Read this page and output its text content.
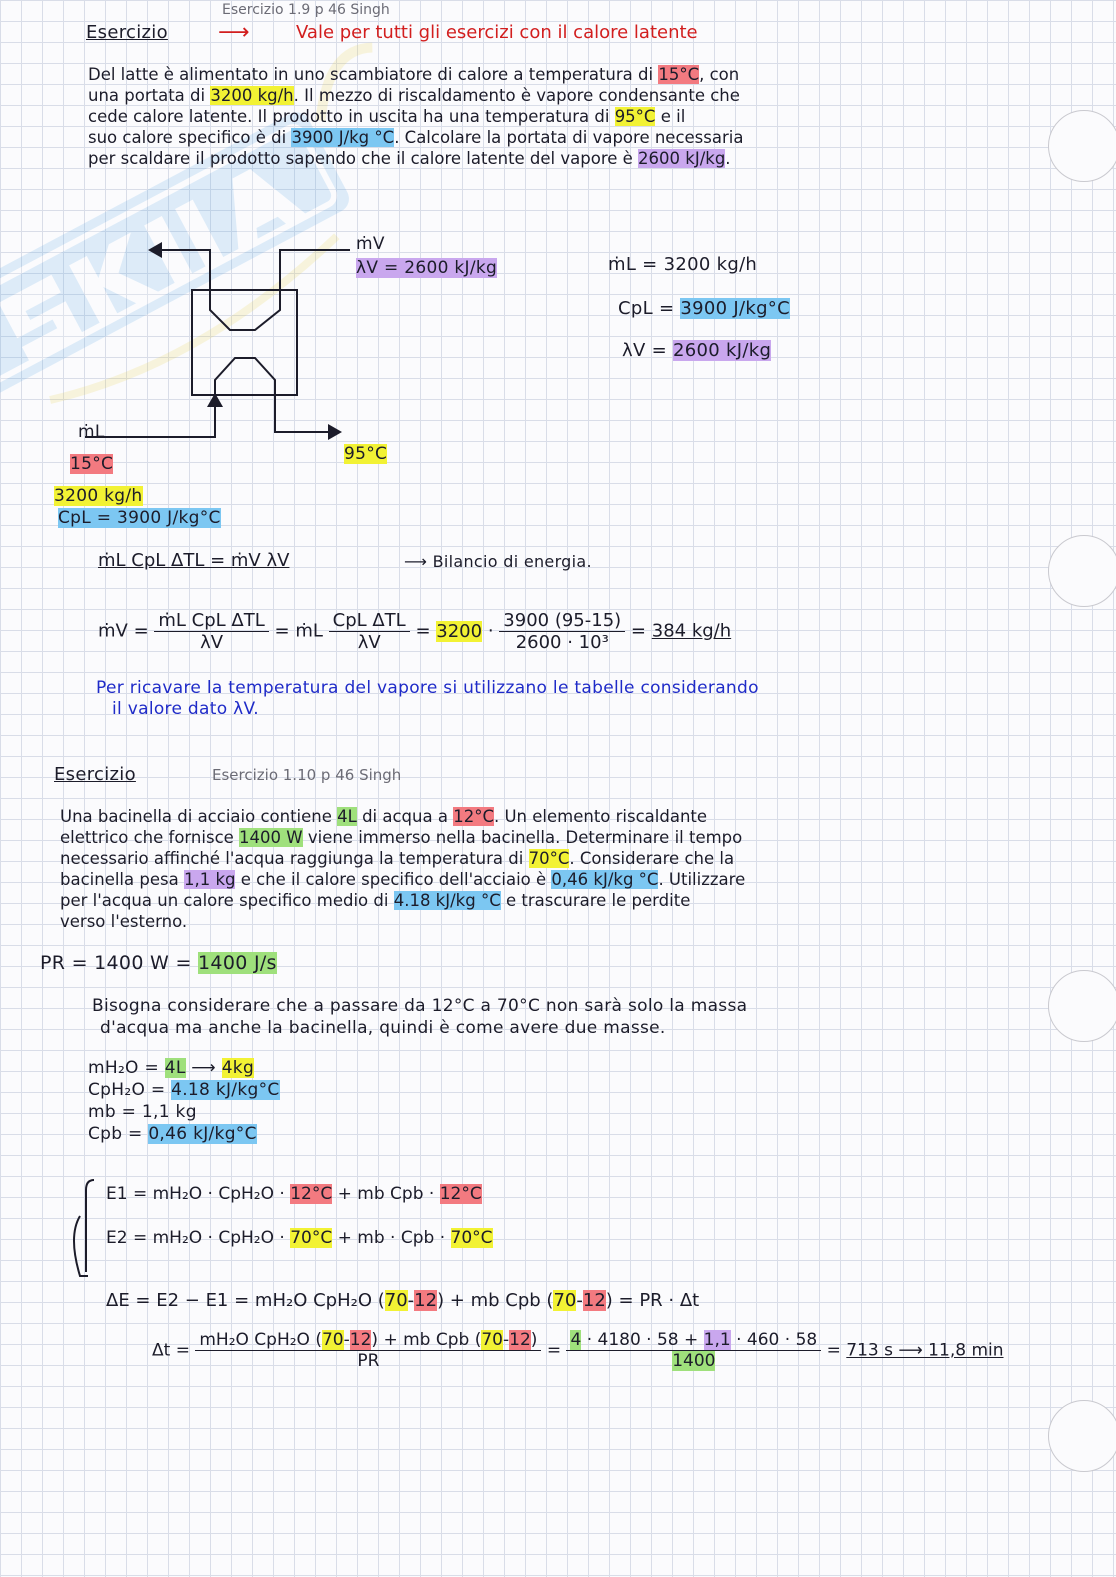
Esercizio
Esercizio 1.9 p 46 Singh
⟶	Vale per tutti gli esercizi con il calore latente
Del latte è alimentato in uno scambiatore di calore a temperatura di 15°C, con
una portata di 3200 kg/h. Il mezzo di riscaldamento è vapore condensante che
cede calore latente. Il prodotto in uscita ha una temperatura di 95°C e il
suo calore specifico è di 3900 J/kg °C. Calcolare la portata di vapore necessaria
per scaldare il prodotto sapendo che il calore latente del vapore è 2600 kJ/kg.
ṁV
λV = 2600 kJ/kg
ṁL
15°C	95°C
3200 kg/h
CpL = 3900 J/kg°C
ṁL = 3200 kg/h
CpL = 3900 J/kg°C
λV = 2600 kJ/kg
ṁL CpL ΔTL = ṁV λV	⟶ Bilancio di energia.
ṁV = $\frac{\text{ṁL CpL ΔTL}}{\lambda V}$ = ṁL $\frac{\text{CpL ΔTL}}{\lambda V} = 3200 \cdot \frac{3900 (95-15)}{\text{2600 · 10³}} = 384$ kg/h
Per ricavare la temperatura del vapore si utilizzano le tabelle considerando
il valore dato λV.
Esercizio	Esercizio 1.10 p 46 Singh
Una bacinella di acciaio contiene 4L di acqua a 12°C. Un elemento riscaldante
elettrico che fornisce 1400 W viene immerso nella bacinella. Determinare il tempo
necessario affinché l'acqua raggiunga la temperatura di 70°C. Considerare che la
bacinella pesa 1,1 kg e che il calore specifico dell'acciaio è 0,46 kJ/kg °C. Utilizzare
per l'acqua un calore specifico medio di 4.18 kJ/kg °C e trascurare le perdite
verso l'esterno.
PR = 1400 W = 1400 J/s
Bisogna considerare che a passare da 12°C a 70°C non sarà solo la massa
d'acqua ma anche la bacinella, quindi è come avere due masse.
mH₂O = 4L ⟶ 4kg
CpH₂O = 4.18 kJ/kg°C
mb = 1,1 kg
Cpb = 0,46 kJ/kg°C
E1 = mH₂O · CpH₂O · 12°C + mb Cpb · 12°C
E2 = mH₂O · CpH₂O · 70°C + mb · Cpb · 70°C
ΔE = E2 − E1 = mH₂O CpH₂O (70-12) + mb Cpb (70-12) = PR · Δt
$\Delta t = \frac{\text{mH₂O CpH₂O (70-12) + mb Cpb (70-12)}}{PR} = \frac{4 \cdot 4180 \cdot 58 + 1,1 \cdot 460 \cdot 58}{1400} = 713$ s ⟶ 11,8 min
